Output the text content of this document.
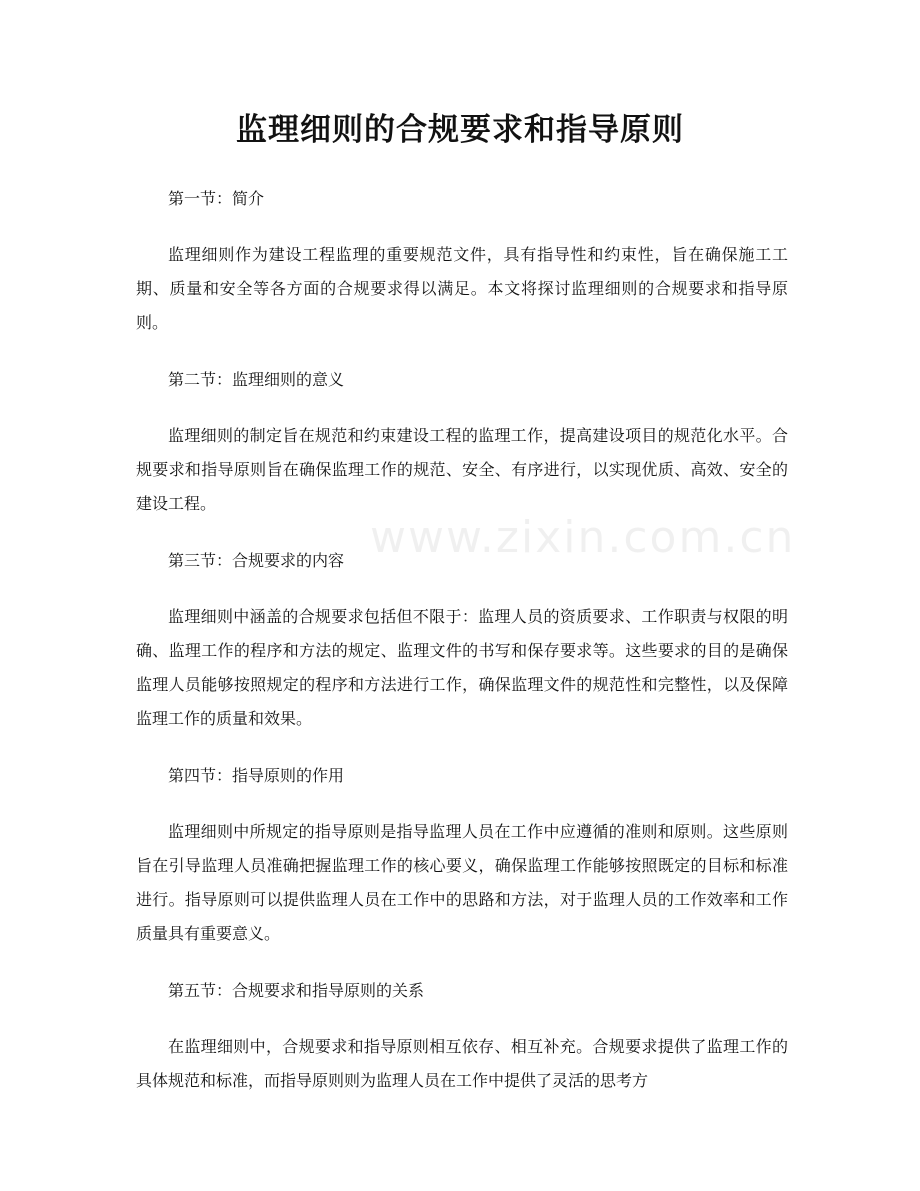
www.zixin.com.cn
监理细则的合规要求和指导原则

第一节：简介

监理细则作为建设工程监理的重要规范文件，具有指导性和约束性，旨在确保施工工期、质量和安全等各方面的合规要求得以满足。本文将探讨监理细则的合规要求和指导原则。

第二节：监理细则的意义

监理细则的制定旨在规范和约束建设工程的监理工作，提高建设项目的规范化水平。合规要求和指导原则旨在确保监理工作的规范、安全、有序进行，以实现优质、高效、安全的建设工程。

第三节：合规要求的内容

监理细则中涵盖的合规要求包括但不限于：监理人员的资质要求、工作职责与权限的明确、监理工作的程序和方法的规定、监理文件的书写和保存要求等。这些要求的目的是确保监理人员能够按照规定的程序和方法进行工作，确保监理文件的规范性和完整性，以及保障监理工作的质量和效果。

第四节：指导原则的作用

监理细则中所规定的指导原则是指导监理人员在工作中应遵循的准则和原则。这些原则旨在引导监理人员准确把握监理工作的核心要义，确保监理工作能够按照既定的目标和标准进行。指导原则可以提供监理人员在工作中的思路和方法，对于监理人员的工作效率和工作质量具有重要意义。

第五节：合规要求和指导原则的关系

在监理细则中，合规要求和指导原则相互依存、相互补充。合规要求提供了监理工作的具体规范和标准，而指导原则则为监理人员在工作中提供了灵活的思考方
